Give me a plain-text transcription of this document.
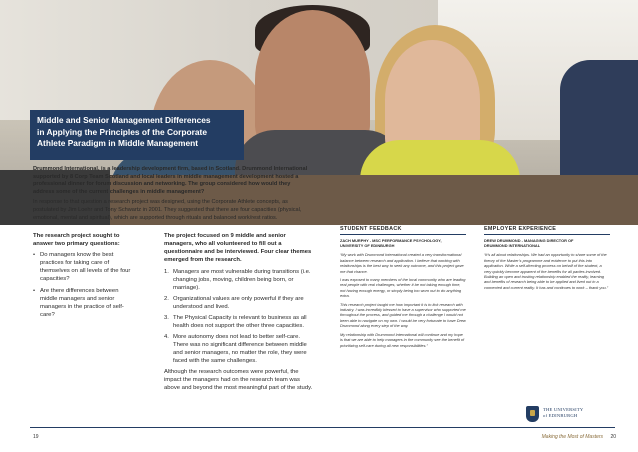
Middle and Senior Management Differences
in Applying the Principles of the Corporate
Athlete Paradigm in Middle Management

Drummond International, is a leadership development firm, based in Scotland. Drummond International supported by 8 Corp Team Scotland and local leaders in middle management development hosted a professional dinner for forum discussion and networking. The group considered how would they address some of the current challenges in middle management?

In response to that question a research project was designed, using the Corporate Athlete concepts, as postulated by Jim Loehr and Tony Schwartz in 2001. They suggested that there are four capacities (physical, emotional, mental and spiritual), which are supported through rituals and balanced work/rest ratios.

The research project sought to answer two primary questions:

• Do managers know the best practices for taking care of themselves on all levels of the four capacities?
• Are there differences between middle managers and senior managers in the practice of self-care?

The project focused on 9 middle and senior managers, who all volunteered to fill out a questionnaire and be interviewed. Four clear themes emerged from the research.

1. Managers are most vulnerable during transitions (i.e. changing jobs, moving, children being born, or marriage).
2. Organizational values are only powerful if they are understood and lived.
3. The Physical Capacity is relevant to business as all health does not support the other three capacities.
4. More autonomy does not lead to better self-care. There was no significant difference between middle and senior managers, no matter the role, they were faced with the same challenges.

Although the research outcomes were powerful, the impact the managers had on the research team was above and beyond the most meaningful part of the study.

STUDENT FEEDBACK
ZACH MURPHY - MSC PERFORMANCE PSYCHOLOGY,
UNIVERSITY OF EDINBURGH

“My work with Drummond International created a very transformational balance between research and application. I believe that working with relationships is the best way to seek any outcome, and this project gave me that chance.

I was exposed to many members of the local community who are leading real people with real challenges, whether it be not taking enough time, not having enough energy, or simply being too worn out to do anything extra.

This research project taught me how important it is to link research with industry. I was incredibly blessed to have a supervisor who supported me throughout the process, and guided me through a challenge I would not been able to navigate on my own. I would be very fortunate to have Drew Drummond along every step of the way.

My relationship with Drummond International will continue and my hope is that we are able to help managers in the community see the benefit of prioritizing self-care during all new responsibilities.”

EMPLOYER EXPERIENCE
DREW DRUMMOND - MANAGING DIRECTOR OF
DRUMMOND INTERNATIONAL

“It’s all about relationships. We had an opportunity to share some of the theory of the Master’s programme and evidence to put this into application. While a self-directing process on behalf of the student, a very quickly become apparent of the benefits for all parties involved. Building an open and trusting relationship enabled the reality, learning and benefits of research being able to be applied and lived out in a connected and current reality. It has and continues to work – thank you.”

THE UNIVERSITY
of EDINBURGH
19	Making the Most of Masters 20
